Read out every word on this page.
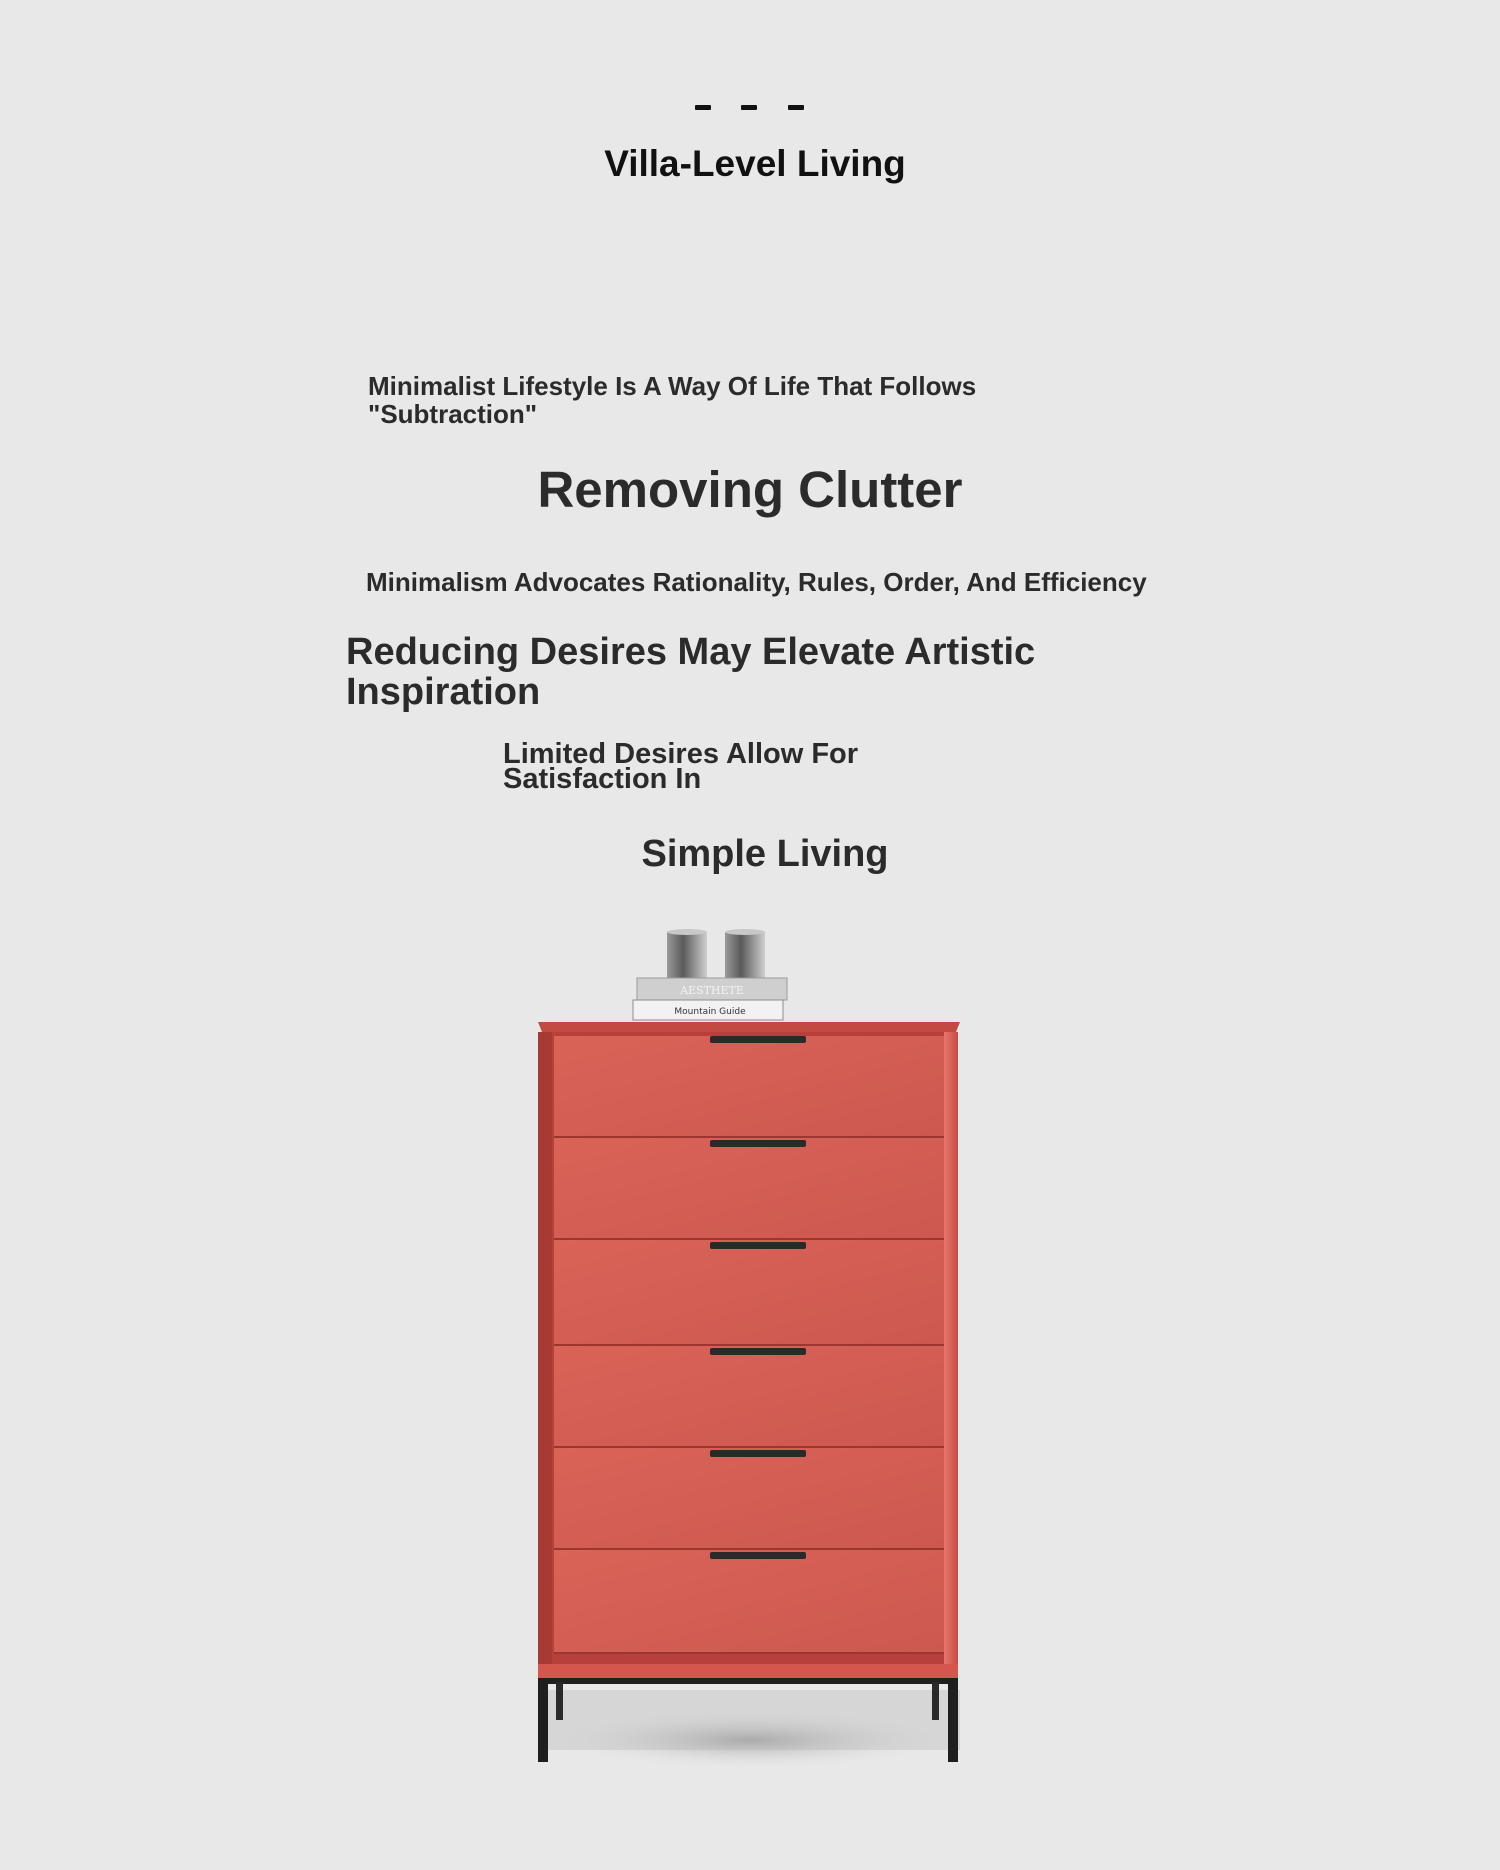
Villa-Level Living
Minimalist Lifestyle Is A Way Of Life That Follows "Subtraction"
Removing Clutter
Minimalism Advocates Rationality, Rules, Order, And Efficiency
Reducing Desires May Elevate Artistic Inspiration
Limited Desires Allow For Satisfaction In
Simple Living
AESTHETE
Mountain Guide
